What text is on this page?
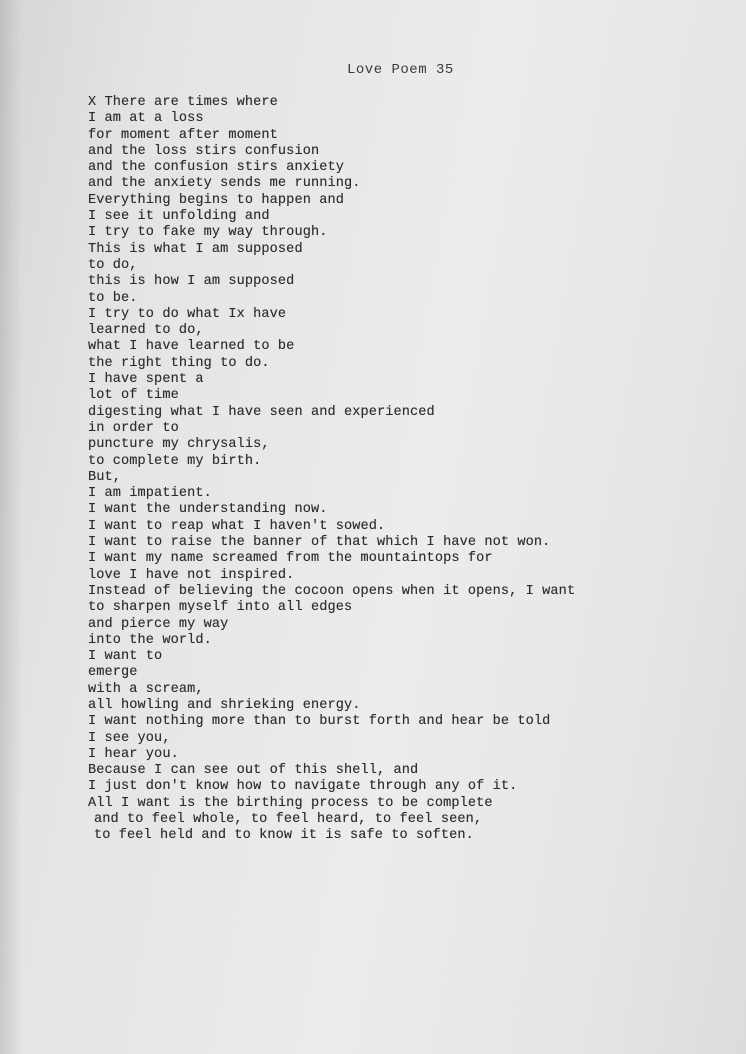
Love Poem 35
X There are times where
I am at a loss
for moment after moment
and the loss stirs confusion
and the confusion stirs anxiety
and the anxiety sends me running.
Everything begins to happen and
I see it unfolding and
I try to fake my way through.
This is what I am supposed
to do,
this is how I am supposed
to be.
I try to do what Ix have
learned to do,
what I have learned to be
the right thing to do.
I have spent a
lot of time
digesting what I have seen and experienced
in order to
puncture my chrysalis,
to complete my birth.
But,
I am impatient.
I want the understanding now.
I want to reap what I haven't sowed.
I want to raise the banner of that which I have not won.
I want my name screamed from the mountaintops for
love I have not inspired.
Instead of believing the cocoon opens when it opens, I want
to sharpen myself into all edges
and pierce my way
into the world.
I want to
emerge
with a scream,
all howling and shrieking energy.
I want nothing more than to burst forth and hear be told
I see you,
I hear you.
Because I can see out of this shell, and
I just don't know how to navigate through any of it.
All I want is the birthing process to be complete
and to feel whole, to feel heard, to feel seen,
to feel held and to know it is safe to soften.
